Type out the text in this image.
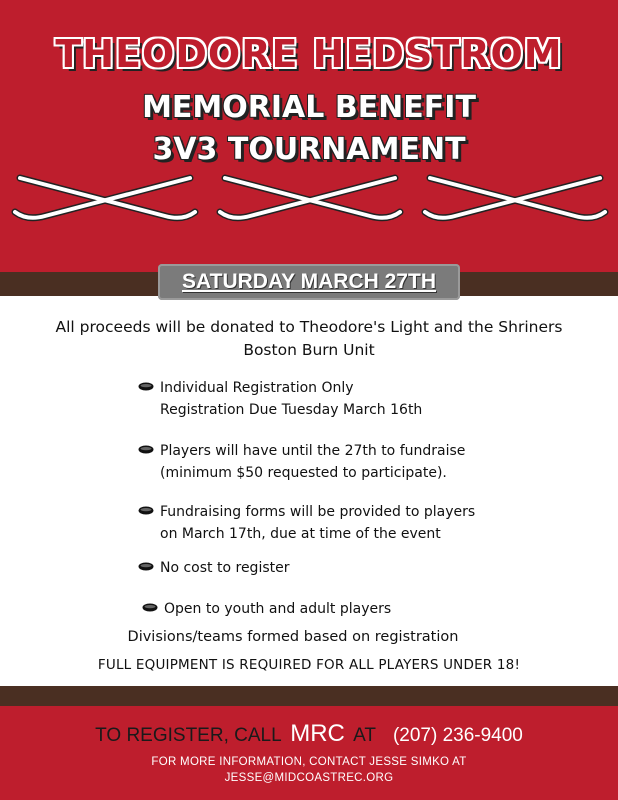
THEODORE HEDSTROM
MEMORIAL BENEFIT
3V3 TOURNAMENT
SATURDAY MARCH 27TH
All proceeds will be donated to Theodore's Light and the Shriners
Boston Burn Unit
Individual Registration Only
Registration Due Tuesday March 16th
Players will have until the 27th to fundraise
(minimum $50 requested to participate).
Fundraising forms will be provided to players
on March 17th, due at time of the event
No cost to register
Open to youth and adult players
Divisions/teams formed based on registration
FULL EQUIPMENT IS REQUIRED FOR ALL PLAYERS UNDER 18!
TO REGISTER, CALL MRC AT (207) 236-9400
FOR MORE INFORMATION, CONTACT JESSE SIMKO AT
JESSE@MIDCOASTREC.ORG
